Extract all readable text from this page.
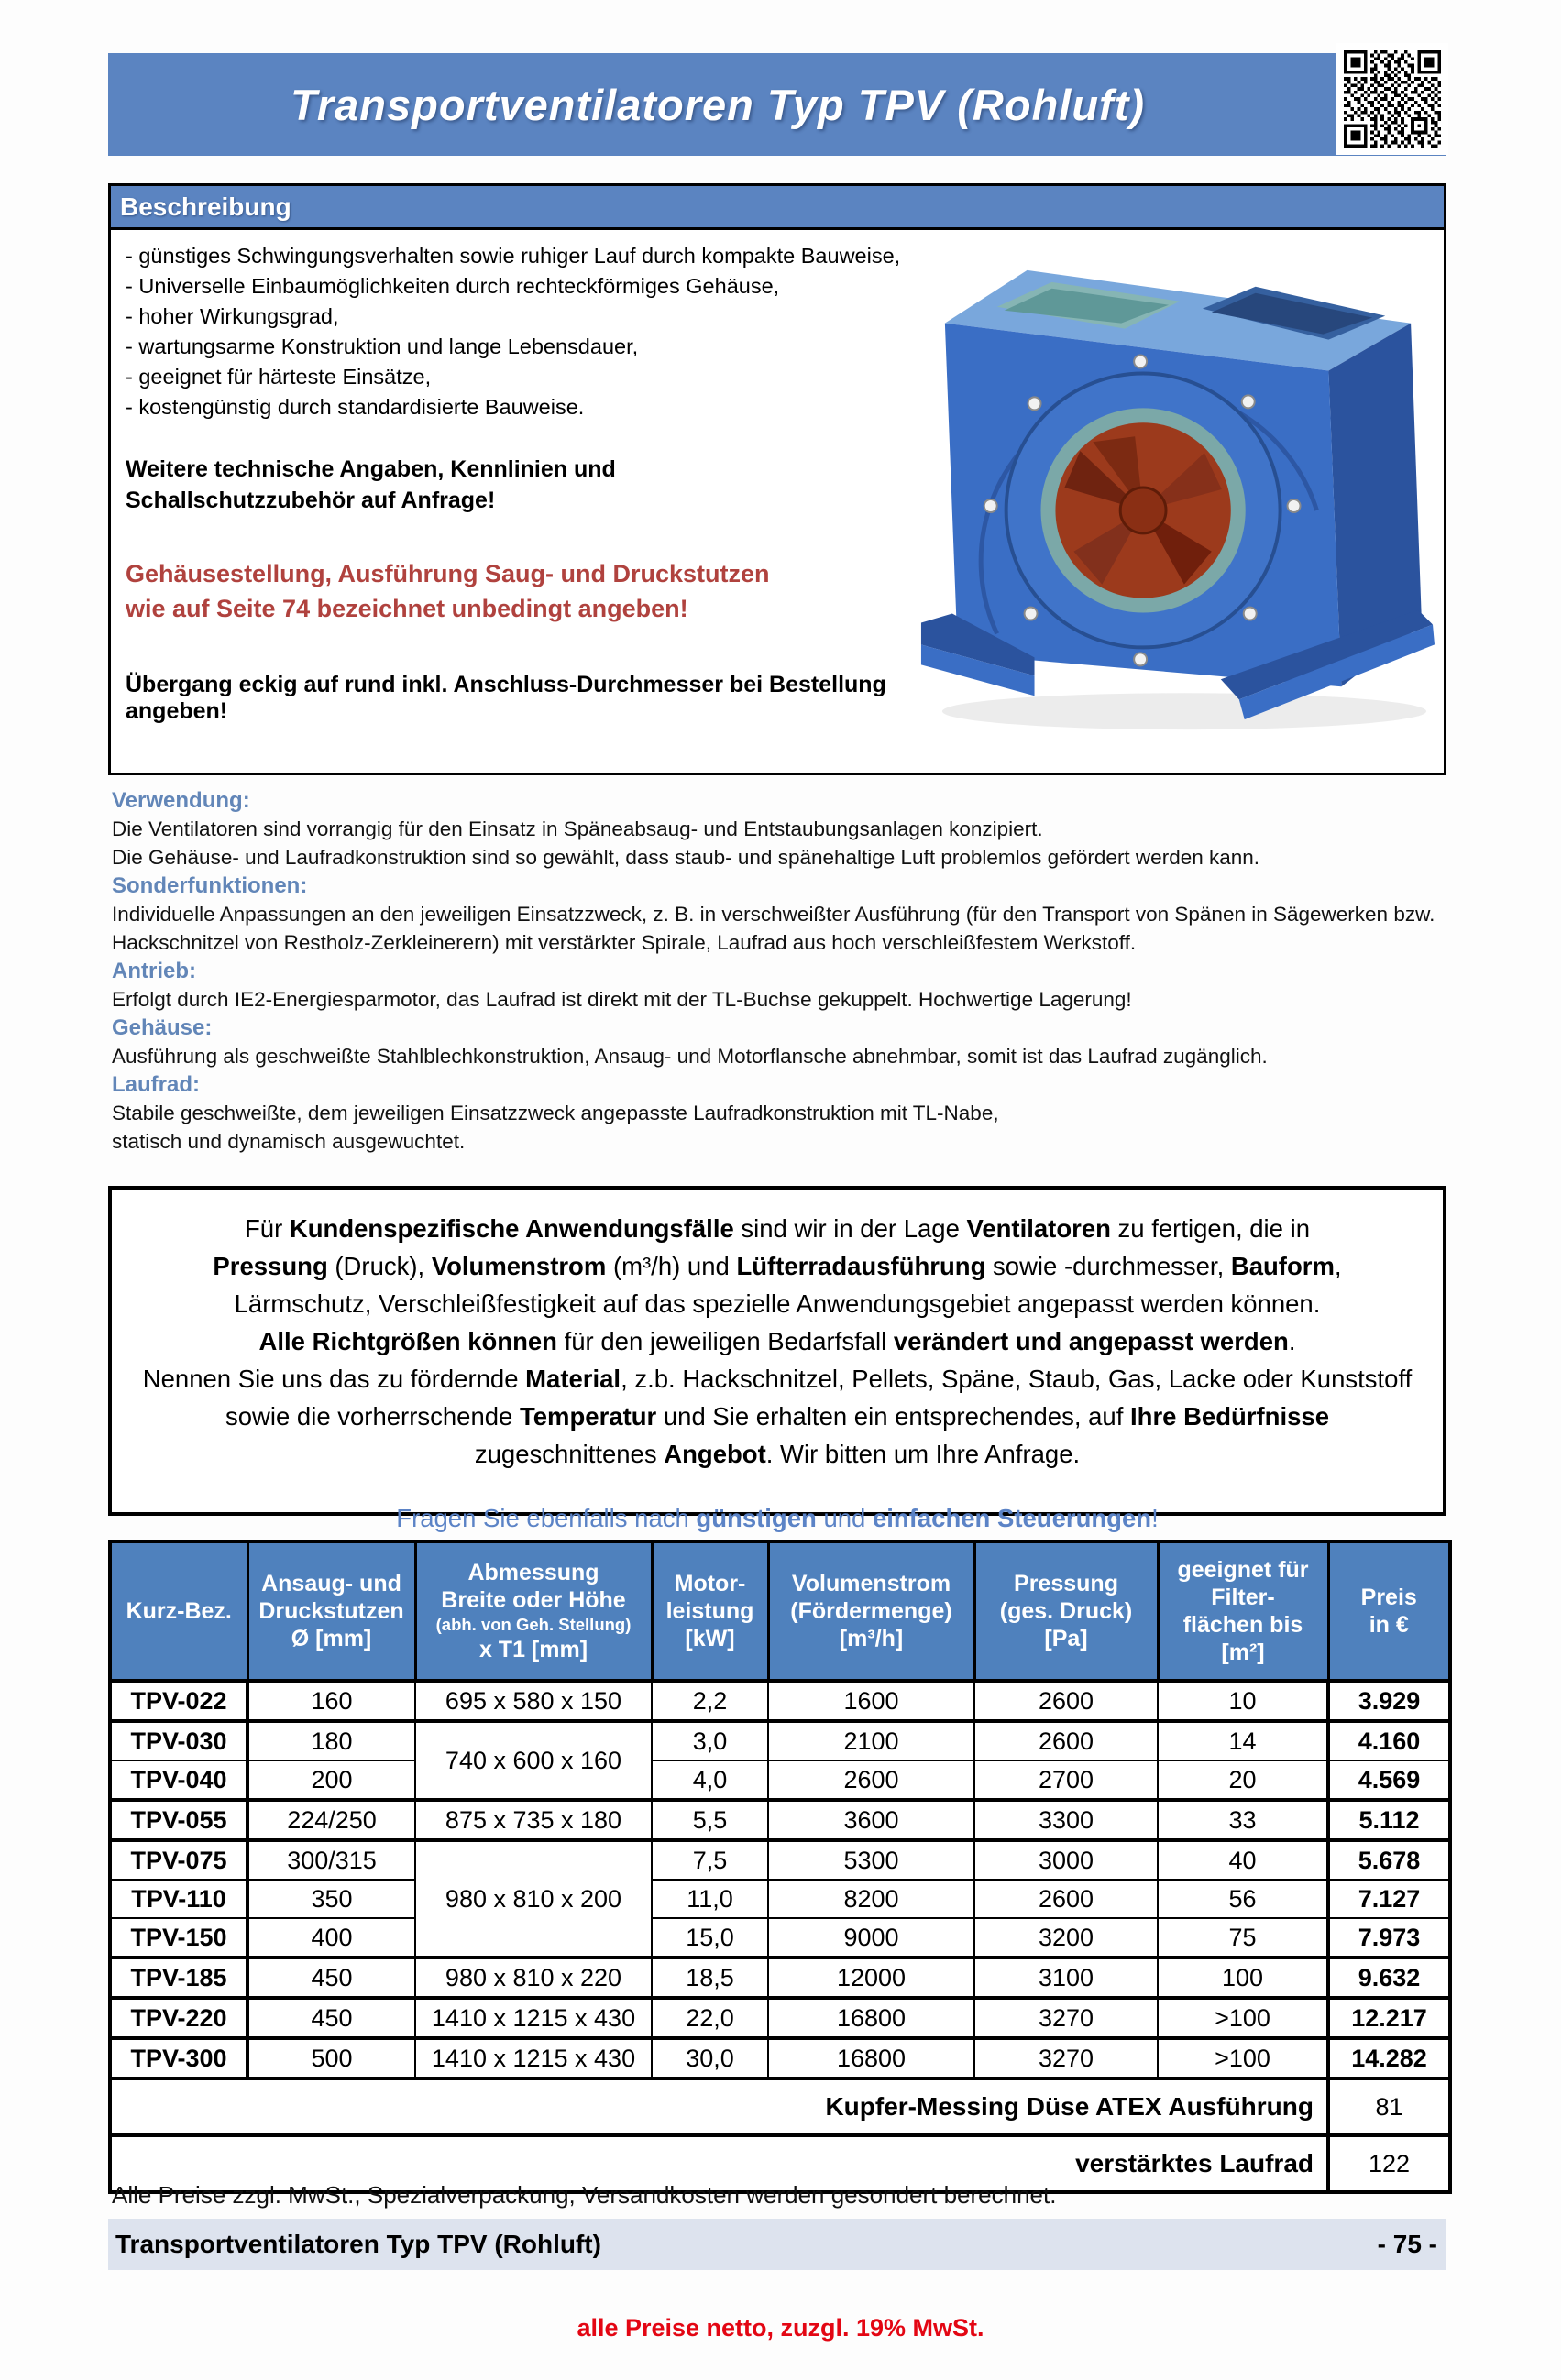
Transportventilatoren Typ TPV (Rohluft)
Beschreibung
- günstiges Schwingungsverhalten sowie ruhiger Lauf durch kompakte Bauweise,
- Universelle Einbaumöglichkeiten durch rechteckförmiges Gehäuse,
- hoher Wirkungsgrad,
- wartungsarme Konstruktion und lange Lebensdauer,
- geeignet für härteste Einsätze,
- kostengünstig durch standardisierte Bauweise.
Weitere technische Angaben, Kennlinien und
Schallschutzzubehör auf Anfrage!
Gehäusestellung, Ausführung Saug- und Druckstutzen
wie auf Seite 74 bezeichnet unbedingt angeben!
Übergang eckig auf rund inkl. Anschluss-Durchmesser bei Bestellung angeben!
Verwendung:
Die Ventilatoren sind vorrangig für den Einsatz in Späneabsaug- und Entstaubungsanlagen konzipiert.
Die Gehäuse- und Laufradkonstruktion sind so gewählt, dass staub- und spänehaltige Luft problemlos gefördert werden kann.
Sonderfunktionen:
Individuelle Anpassungen an den jeweiligen Einsatzzweck, z. B. in verschweißter Ausführung (für den Transport von Spänen in Sägewerken bzw.
Hackschnitzel von Restholz-Zerkleinerern) mit verstärkter Spirale, Laufrad aus hoch verschleißfestem Werkstoff.
Antrieb:
Erfolgt durch IE2-Energiesparmotor, das Laufrad ist direkt mit der TL-Buchse gekuppelt. Hochwertige Lagerung!
Gehäuse:
Ausführung als geschweißte Stahlblechkonstruktion, Ansaug- und Motorflansche abnehmbar, somit ist das Laufrad zugänglich.
Laufrad:
Stabile geschweißte, dem jeweiligen Einsatzzweck angepasste Laufradkonstruktion mit TL-Nabe,
statisch und dynamisch ausgewuchtet.
Für Kundenspezifische Anwendungsfälle sind wir in der Lage Ventilatoren zu fertigen, die in
Pressung (Druck), Volumenstrom (m³/h) und Lüfterradausführung sowie -durchmesser, Bauform,
Lärmschutz, Verschleißfestigkeit auf das spezielle Anwendungsgebiet angepasst werden können.
Alle Richtgrößen können für den jeweiligen Bedarfsfall verändert und angepasst werden.
Nennen Sie uns das zu fördernde Material, z.b. Hackschnitzel, Pellets, Späne, Staub, Gas, Lacke oder Kunststoff
sowie die vorherrschende Temperatur und Sie erhalten ein entsprechendes, auf Ihre Bedürfnisse
zugeschnittenes Angebot. Wir bitten um Ihre Anfrage.
Fragen Sie ebenfalls nach günstigen und einfachen Steuerungen!
Kurz-Bez.

Ansaug- und
Druckstutzen
Ø [mm]

Abmessung
Breite oder Höhe
(abh. von Geh. Stellung)
x T1 [mm]

Motor-
leistung
[kW]

Volumenstrom
(Fördermenge)
[m³/h]

Pressung
(ges. Druck)
[Pa]

geeignet für
Filter-
flächen bis
[m²]

Preis
in €

TPV-022	160	695 x 580 x 150	2,2	1600	2600	10	3.929
TPV-030	180	740 x 600 x 160	3,0	2100	2600	14	4.160
TPV-040	200		4,0	2600	2700	20	4.569
TPV-055	224/250	875 x 735 x 180	5,5	3600	3300	33	5.112
TPV-075	300/315	980 x 810 x 200	7,5	5300	3000	40	5.678
TPV-110	350		11,0	8200	2600	56	7.127
TPV-150	400		15,0	9000	3200	75	7.973
TPV-185	450	980 x 810 x 220	18,5	12000	3100	100	9.632
TPV-220	450	1410 x 1215 x 430	22,0	16800	3270	>100	12.217
TPV-300	500	1410 x 1215 x 430	30,0	16800	3270	>100	14.282
Kupfer-Messing Düse ATEX Ausführung							81
verstärktes Laufrad							122
Alle Preise zzgl. MwSt., Spezialverpackung, Versandkosten werden gesondert berechnet.
Transportventilatoren Typ TPV (Rohluft)	- 75 -
alle Preise netto, zuzgl. 19% MwSt.
